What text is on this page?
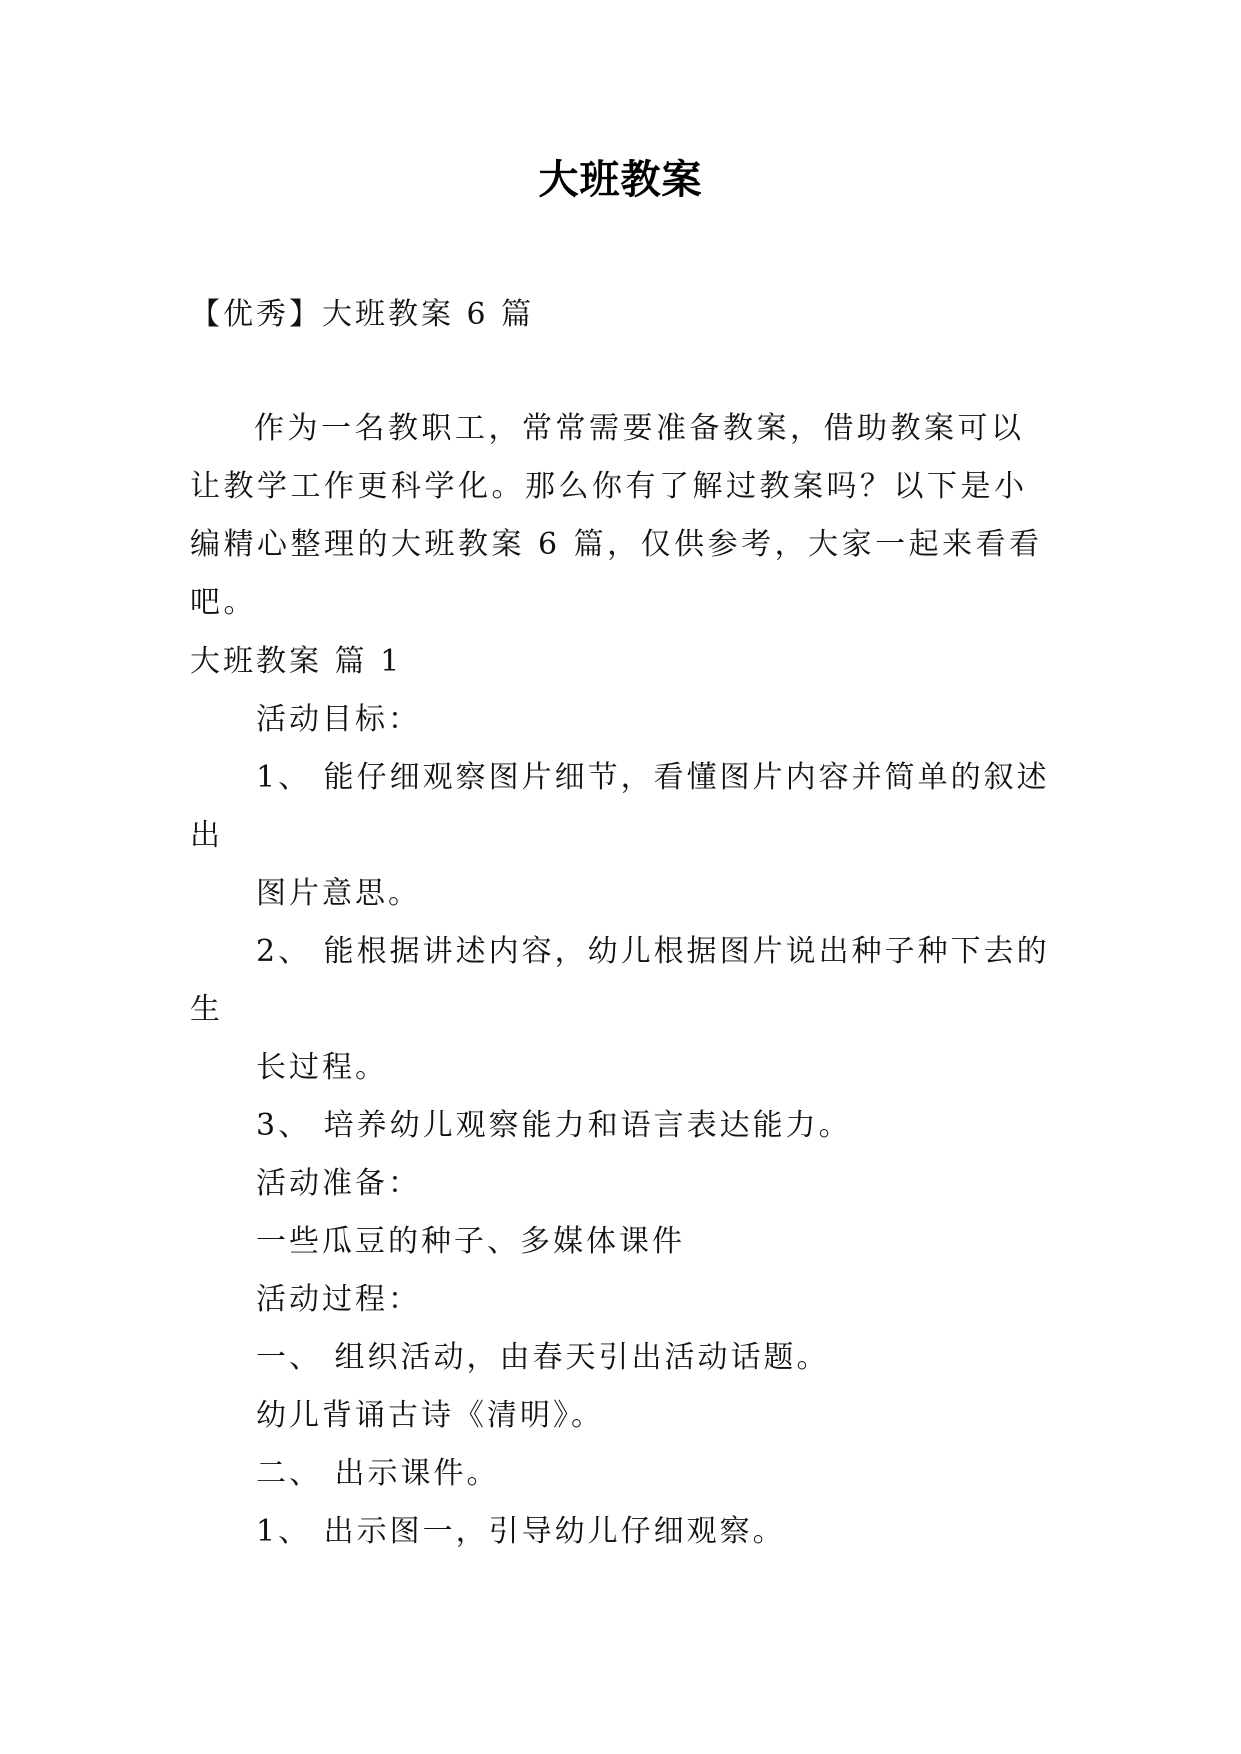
大班教案
【优秀】大班教案 6 篇
作为一名教职工，常常需要准备教案，借助教案可以让教学工作更科学化。那么你有了解过教案吗？以下是小编精心整理的大班教案 6 篇，仅供参考，大家一起来看看吧。
大班教案 篇 1
活动目标：
1、 能仔细观察图片细节，看懂图片内容并简单的叙述
出
图片意思。
2、 能根据讲述内容，幼儿根据图片说出种子种下去的
生
长过程。
3、 培养幼儿观察能力和语言表达能力。
活动准备：
一些瓜豆的种子、多媒体课件
活动过程：
一、 组织活动，由春天引出活动话题。
幼儿背诵古诗《清明》。
二、 出示课件。
1、 出示图一，引导幼儿仔细观察。
